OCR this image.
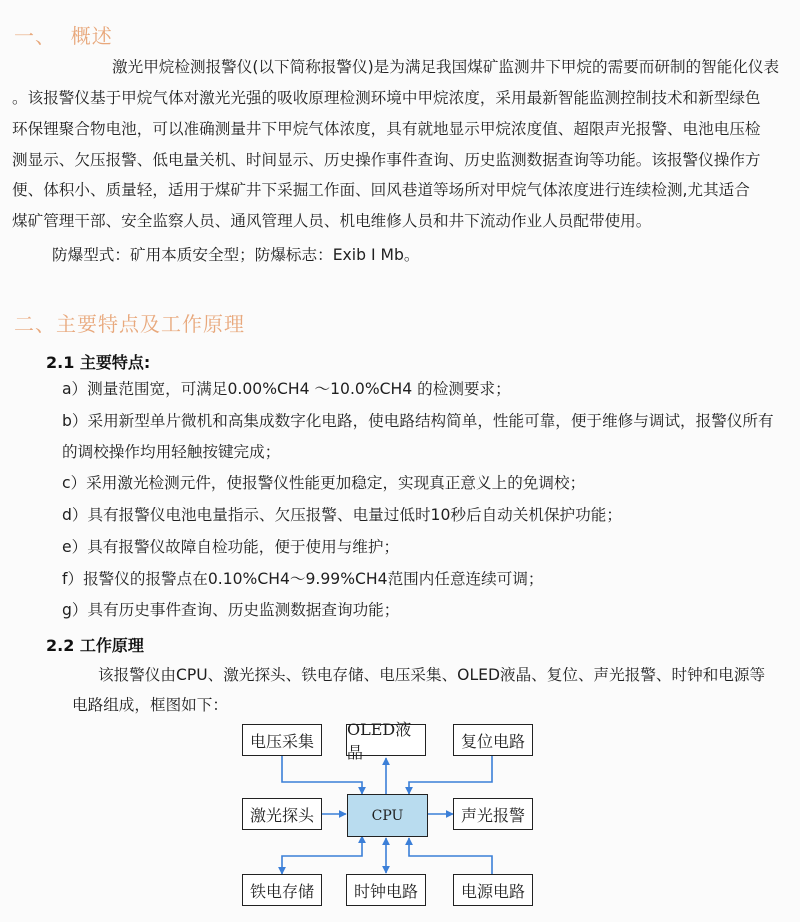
一、  概述

激光甲烷检测报警仪(以下简称报警仪)是为满足我国煤矿监测井下甲烷的需要而研制的智能化仪表

。该报警仪基于甲烷气体对激光光强的吸收原理检测环境中甲烷浓度，采用最新智能监测控制技术和新型绿色

环保锂聚合物电池，可以准确测量井下甲烷气体浓度，具有就地显示甲烷浓度值、超限声光报警、电池电压检

测显示、欠压报警、低电量关机、时间显示、历史操作事件查询、历史监测数据查询等功能。该报警仪操作方

便、体积小、质量轻，适用于煤矿井下采掘工作面、回风巷道等场所对甲烷气体浓度进行连续检测,尤其适合

煤矿管理干部、安全监察人员、通风管理人员、机电维修人员和井下流动作业人员配带使用。

防爆型式：矿用本质安全型；防爆标志：Exib I Mb。

二、主要特点及工作原理
2.1 主要特点:
a）测量范围宽，可满足0.00%CH4 ～10.0%CH4 的检测要求；
b）采用新型单片微机和高集成数字化电路，使电路结构简单，性能可靠，便于维修与调试，报警仪所有
的调校操作均用轻触按键完成；
c）采用激光检测元件，使报警仪性能更加稳定，实现真正意义上的免调校；
d）具有报警仪电池电量指示、欠压报警、电量过低时10秒后自动关机保护功能；
e）具有报警仪故障自检功能，便于使用与维护；
f）报警仪的报警点在0.10%CH4～9.99%CH4范围内任意连续可调；
g）具有历史事件查询、历史监测数据查询功能；
2.2 工作原理

该报警仪由CPU、激光探头、铁电存储、电压采集、OLED液晶、复位、声光报警、时钟和电源等

电路组成，框图如下：

电压采集
OLED液晶
复位电路
激光探头	CPU	声光报警
铁电存储	时钟电路	电源电路
